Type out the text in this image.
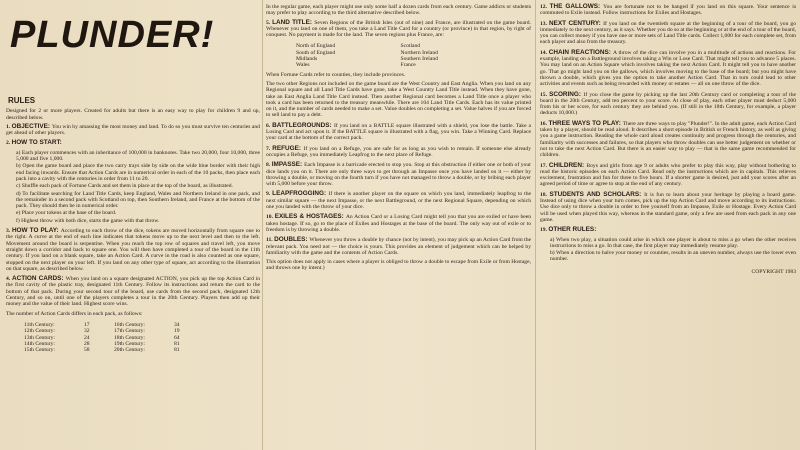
PLUNDER!
RULES

Designed for 2 or more players. Created for adults but there is an easy way to play for children 9 and up, described below.

1. OBJECTIVE: You win by amassing the most money and land. To do so you must survive ten centuries and get ahead of other players.

2. HOW TO START:

a) Each player commences with an inheritance of 100,000 in banknotes. Take two 20,000, four 10,000, three 5,000 and five 1,000.
b) Open the game board and place the two carry trays side by side on the wide blue border with their high end facing inwards. Ensure that Action Cards are in numerical order in each of the 10 packs, then place each pack into a cavity with the centuries in order from 11 to 20.
c) Shuffle each pack of Fortune Cards and set them in place at the top of the board, as illustrated.
d) To facilitate searching for Land Title Cards, keep England, Wales and Northern Ireland in one pack, and the remainder in a second pack with Scotland on top, then Southern Ireland, and France at the bottom of the pack. They should then be in numerical order.
e) Place your tokens at the base of the board.
f) Highest throw with both dice, starts the game with that throw.

3. HOW TO PLAY: According to each throw of the dice, tokens are moved horizontally from square one to the right. A curve at the end of each line indicates that tokens move up to the next level and then to the left. Movement around the board is serpentine. When you reach the top row of squares and travel left, you move straight down a corridor and back to square one. You will then have completed a tour of the board in the 11th century. If you land on a blank square, take an Action Card. A curve in the road is also counted as one square, stopped on the next player on your left. If you land on any other type of square, act according to the illustration on that square, as described below.

4. ACTION CARDS: When you land on a square designated ACTION, you pick up the top Action Card in the first cavity of the plastic tray, designated 11th Century. Follow its instructions and return the card to the bottom of that pack. During your second tour of the board, use cards from the second pack, designated 12th Century, and so on, until one of the players completes a tour in the 20th Century. Players then add up their money and the value of their land. Highest score wins.

The number of Action Cards differs in each pack, as follows:

11th Century:	17	16th Century:	34
12th Century:	32	17th Century:	19
13th Century:	24	18th Century:	64
14th Century:	28	19th Century:	81
15th Century:	58	20th Century:	81

In the regular game, each player might use only some half a dozen cards from each century. Game addicts or students may prefer to play according to the third alternative described below.

5. LAND TITLE: Seven Regions of the British Isles (out of nine) and France, are illustrated on the game board. Whenever you land on one of them, you take a Land Title Card for a country (or province) in that region, by right of conquest. No payment is made for the land. The seven regions plus France, are:

North of England	Scotland
South of England	Northern Ireland
Midlands	Southern Ireland
Wales	France

When Fortune Cards refer to counties, they include provinces.

The two other Regions not included on the game board are the West Country and East Anglia. When you land on any Regional square and all Land Title Cards have gone, take a West Country Land Title instead. When they have gone, take an East Anglia Land Title Card instead. Then another Regional card becomes a Land Title once a player who took a card has been returned to the treasury meanwhile. There are 104 Land Title Cards. Each has its value printed on it, and the number of cards needed to make a set. Value doubles on completing a set. Value halves if you are forced to sell land to pay a debt.

6. BATTLEGROUNDS: If you land on a BATTLE square illustrated with a shield, you lose the battle. Take a Losing Card and act upon it. If the BATTLE square is illustrated with a flag, you win. Take a Winning Card. Replace your card at the bottom of the correct pack.

7. REFUGE: If you land on a Refuge, you are safe for as long as you wish to remain. If someone else already occupies a Refuge, you immediately Leapfrog to the next place of Refuge.

8. IMPASSE: Each Impasse is a barricade erected to stop you. Stop at this obstruction if either one or both of your dice lands you on it. There are only three ways to get through an Impasse once you have landed on it — either by throwing a double, or moving on the fourth turn if you have not managed to throw a double, or by bribing each player with 5,000 before your throw.

9. LEAPFROGGING: If there is another player on the square on which you land, immediately leapfrog to the next similar square — the next Impasse, or the next Battleground, or the next Regional Square, depending on which one you landed with the throw of your dice.

10. EXILES & HOSTAGES: An Action Card or a Losing Card might tell you that you are exiled or have been taken hostage. If so, go to the place of Exiles and Hostages at the base of the board. The only way out of exile or to freedom is by throwing a double.

11. DOUBLES: Whenever you throw a double by chance (not by intent), you may pick up an Action Card from the relevant pack. You need not — the choice is yours. This provides an element of judgement which can be helped by familiarity with the game and the contents of Action Cards.

This option does not apply in cases where a player is obliged to throw a double to escape from Exile or from Hostage, and throws one by intent.)

12. THE GALLOWS: You are fortunate not to be hanged if you land on this square. Your sentence is commuted to Exile instead. Follow instructions for Exiles and Hostages.

13. NEXT CENTURY: If you land on the twentieth square at the beginning of a tour of the board, you go immediately to the next century, as it says. Whether you do so at the beginning or at the end of a tour of the board, you can collect money if you have one or more sets of Land Title cards. Collect 1,000 for each complete set, from each player and also from the treasury.

14. CHAIN REACTIONS: A throw of the dice can involve you in a multitude of actions and reactions. For example, landing on a Battleground involves taking a Win or Lose Card. That might tell you to advance 5 places. You may land on an Action Square which involves taking the next Action Card. It might tell you to have another go. That go might land you on the gallows, which involves moving to the base of the board; but you might have thrown a double, which gives you the option to take another Action Card. That in turn could lead to other activities and events such as being rewarded with money or estates — all on one throw of the dice.

15. SCORING: If you close the game by picking up the last 20th Century card or completing a tour of the board in the 20th Century, add ten percent to your score. At close of play, each other player must deduct 5,000 from his or her score, for each century they are behind you. (If still in the 18th Century, for example, a player deducts 10,000.)

16. THREE WAYS TO PLAY: There are three ways to play "Plunder!". In the adult game, each Action Card taken by a player, should be read aloud. It describes a short episode in British or French history, as well as giving you a game instruction. Reading the whole card aloud creates continuity and progress through the centuries, and familiarity with successes and failures, so that players who throw doubles can use better judgement on whether or not to take the next Action Card. But there is an easier way to play — that is the same game recommended for children.

17. CHILDREN: Boys and girls from age 9 or adults who prefer to play this way, play without bothering to read the historic episodes on each Action Card. Read only the instructions which are in capitals. This relieves excitement, frustration and fun for three to five hours. If a shorter game is desired, just add your scores after an agreed period of time or agree to stop at the end of any century.

18. STUDENTS AND SCHOLARS: It is fun to learn about your heritage by playing a board game. Instead of using dice when your turn comes, pick up the top Action Card and move according to its instructions. Use dice only to throw a double in order to free yourself from an Impasse, Exile or Hostage. Every Action Card will be used when played this way, whereas in the standard game, only a few are used from each pack in any one game.

19. OTHER RULES:

a) When two play, a situation could arise in which one player is about to miss a go when the other receives instructions to miss a go. In that case, the first player may immediately resume play.
b) When a direction to halve your money or counties, results in an uneven number, always use the lower even number.
COPYRIGHT 1983
